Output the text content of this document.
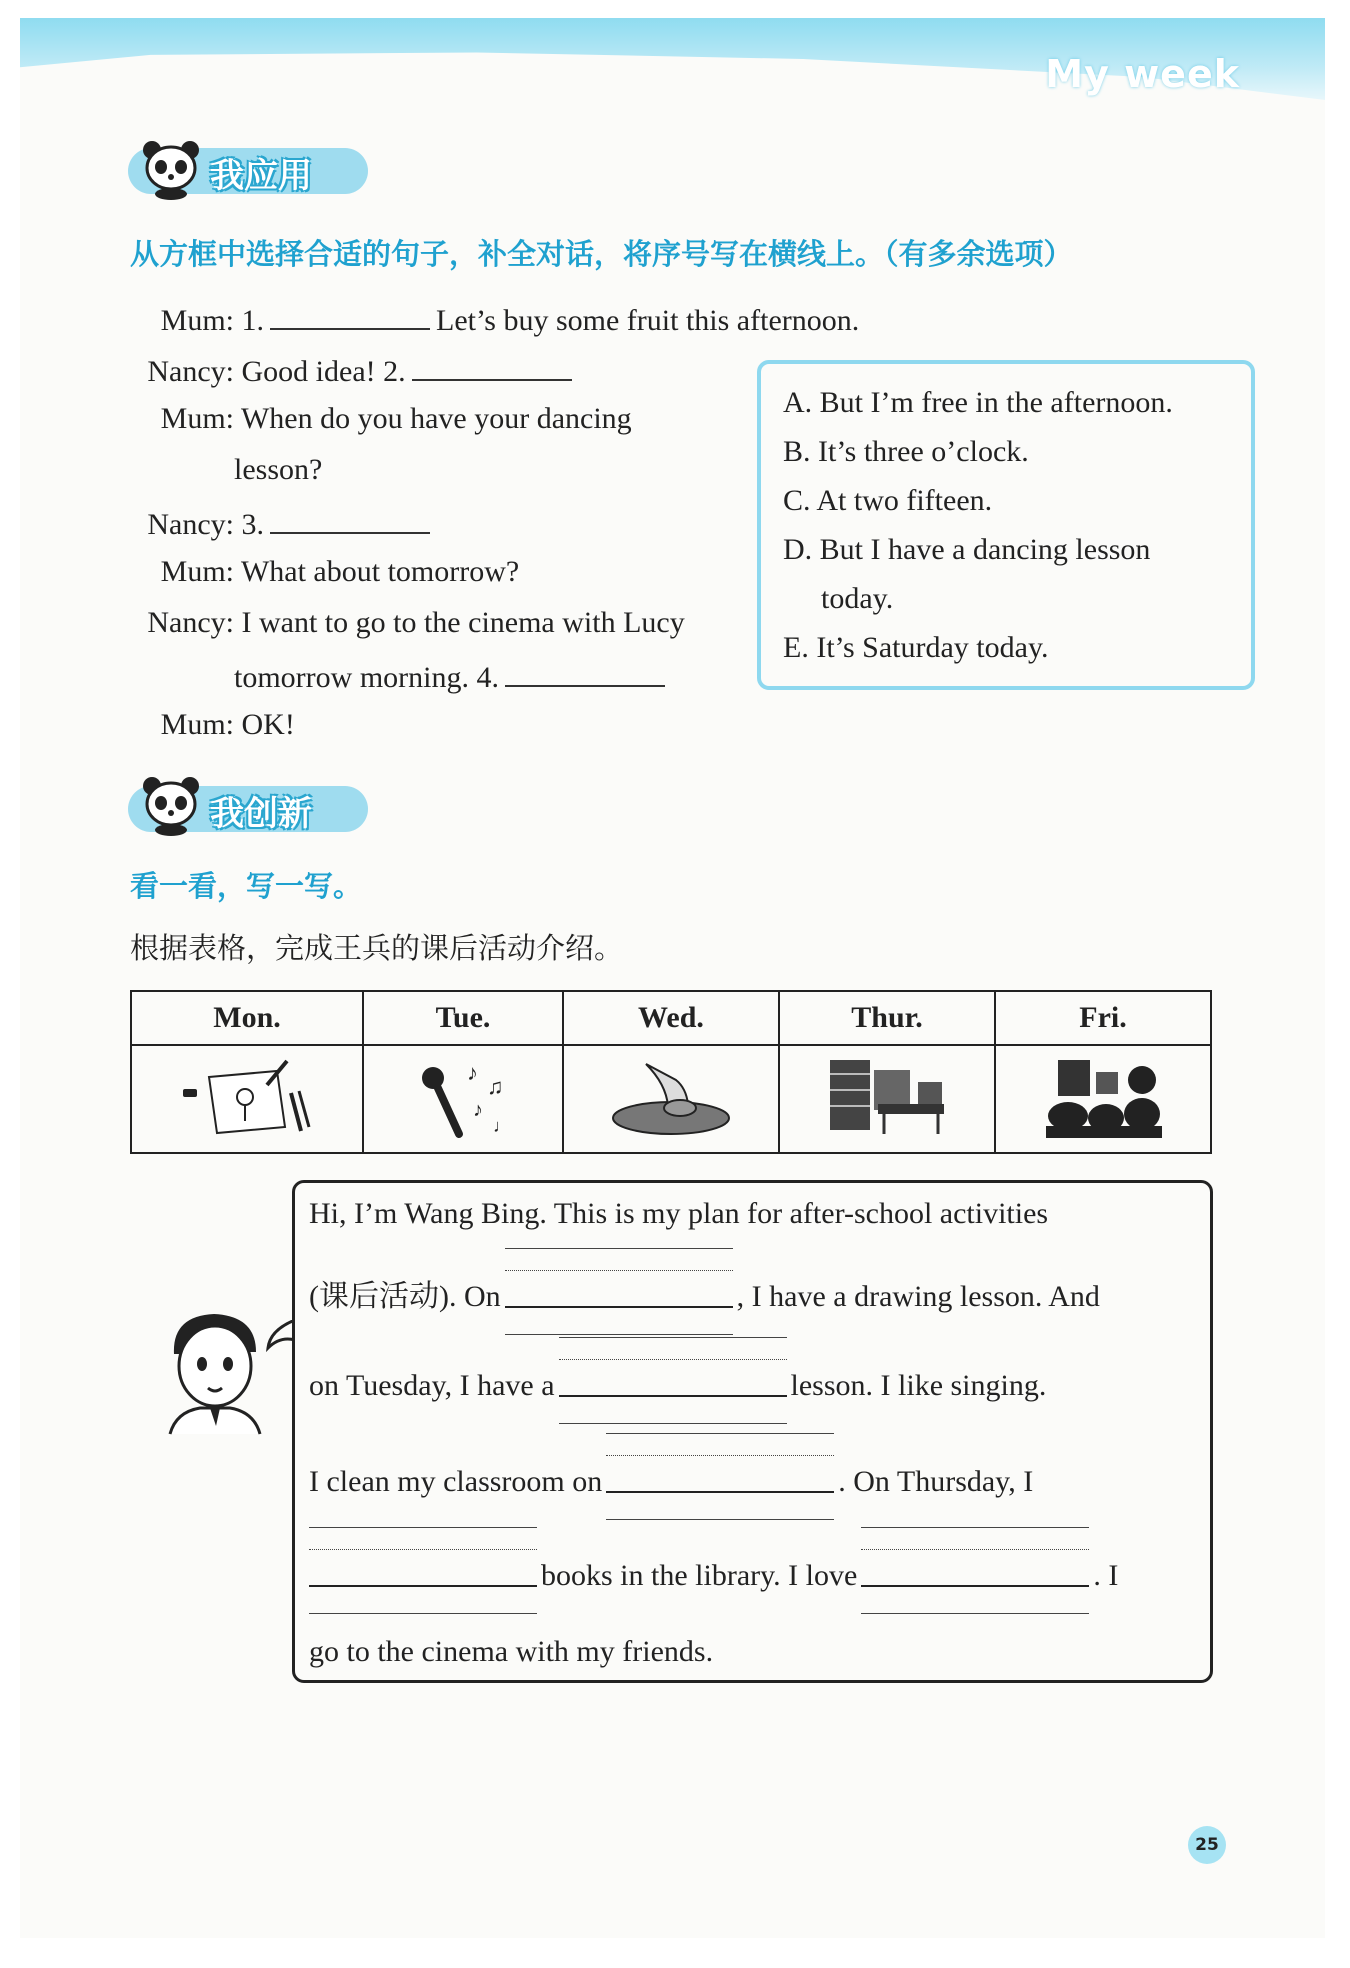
My week
我应用
从方框中选择合适的句子，补全对话，将序号写在横线上。（有多余选项）
Mum: 1.	Let’s buy some fruit this afternoon.
Nancy: Good idea! 2.
Mum: When do you have your dancing
lesson?
Nancy: 3.
Mum: What about tomorrow?
Nancy: I want to go to the cinema with Lucy
tomorrow morning. 4.
Mum: OK!
A. But I’m free in the afternoon.
B. It’s three o’clock.
C. At two fifteen.
D. But I have a dancing lesson
today.
E. It’s Saturday today.
我创新
看一看，写一写。
根据表格，完成王兵的课后活动介绍。
Mon.	Tue.	Wed.	Thur.	Fri.

♪
♫
♪
♩

Hi, I’m Wang Bing. This is my plan for after-school activities
(课后活动). On	, I have a drawing lesson. And
on Tuesday, I have a	lesson. I like singing.
I clean my classroom on	. On Thursday, I
books in the library. I love	. I
go to the cinema with my friends.
25
